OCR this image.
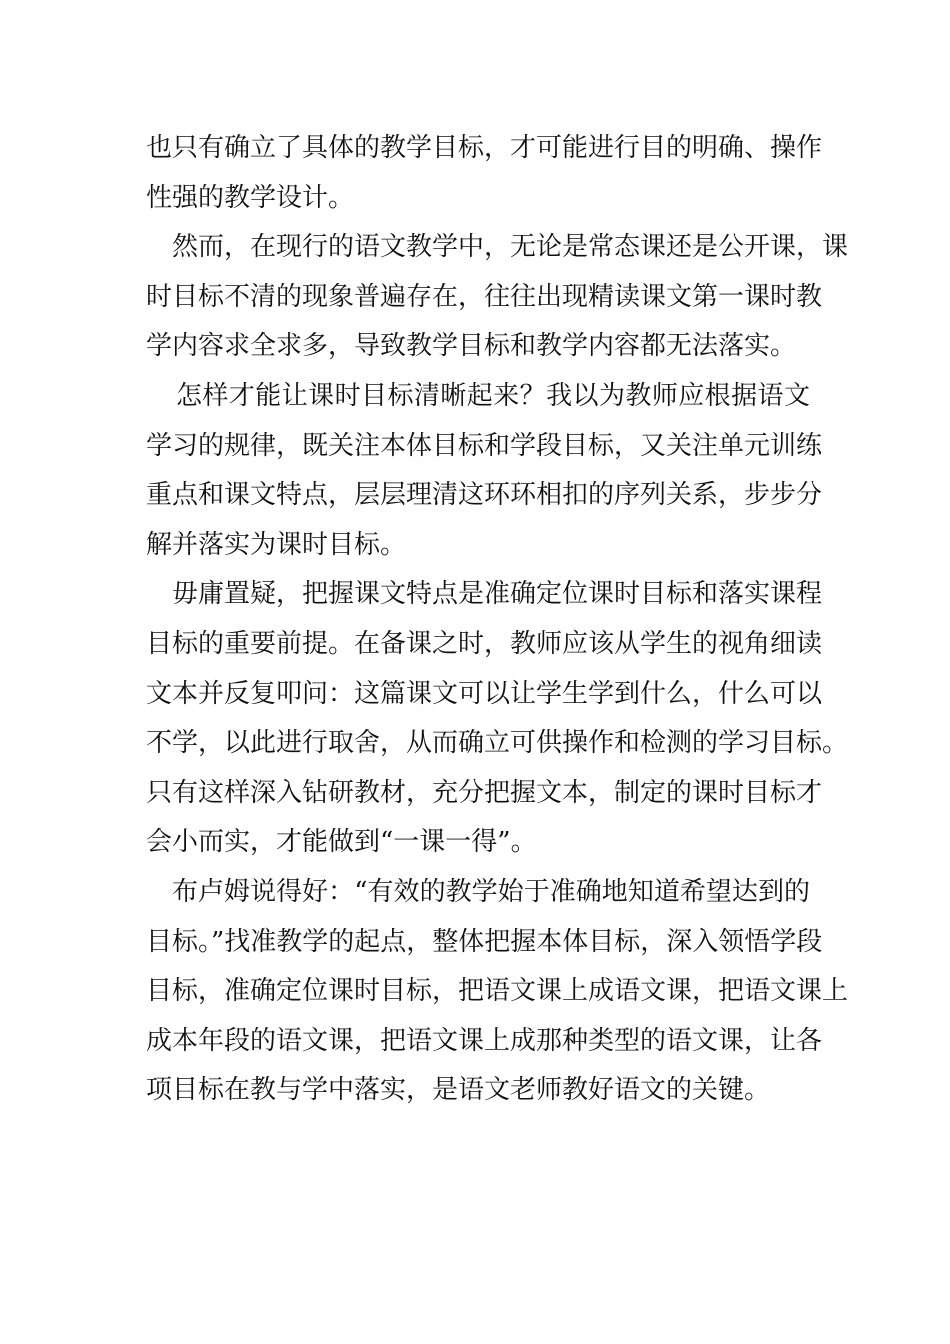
也只有确立了具体的教学目标，才可能进行目的明确、操作
性强的教学设计。
然而，在现行的语文教学中，无论是常态课还是公开课，课
时目标不清的现象普遍存在，往往出现精读课文第一课时教
学内容求全求多，导致教学目标和教学内容都无法落实。
怎样才能让课时目标清晰起来？我以为教师应根据语文
学习的规律，既关注本体目标和学段目标，又关注单元训练
重点和课文特点，层层理清这环环相扣的序列关系，步步分
解并落实为课时目标。
毋庸置疑，把握课文特点是准确定位课时目标和落实课程
目标的重要前提。在备课之时，教师应该从学生的视角细读
文本并反复叩问：这篇课文可以让学生学到什么，什么可以
不学，以此进行取舍，从而确立可供操作和检测的学习目标。
只有这样深入钻研教材，充分把握文本，制定的课时目标才
会小而实，才能做到“一课一得”。
布卢姆说得好：“有效的教学始于准确地知道希望达到的
目标。”找准教学的起点，整体把握本体目标，深入领悟学段
目标，准确定位课时目标，把语文课上成语文课，把语文课上
成本年段的语文课，把语文课上成那种类型的语文课，让各
项目标在教与学中落实，是语文老师教好语文的关键。
